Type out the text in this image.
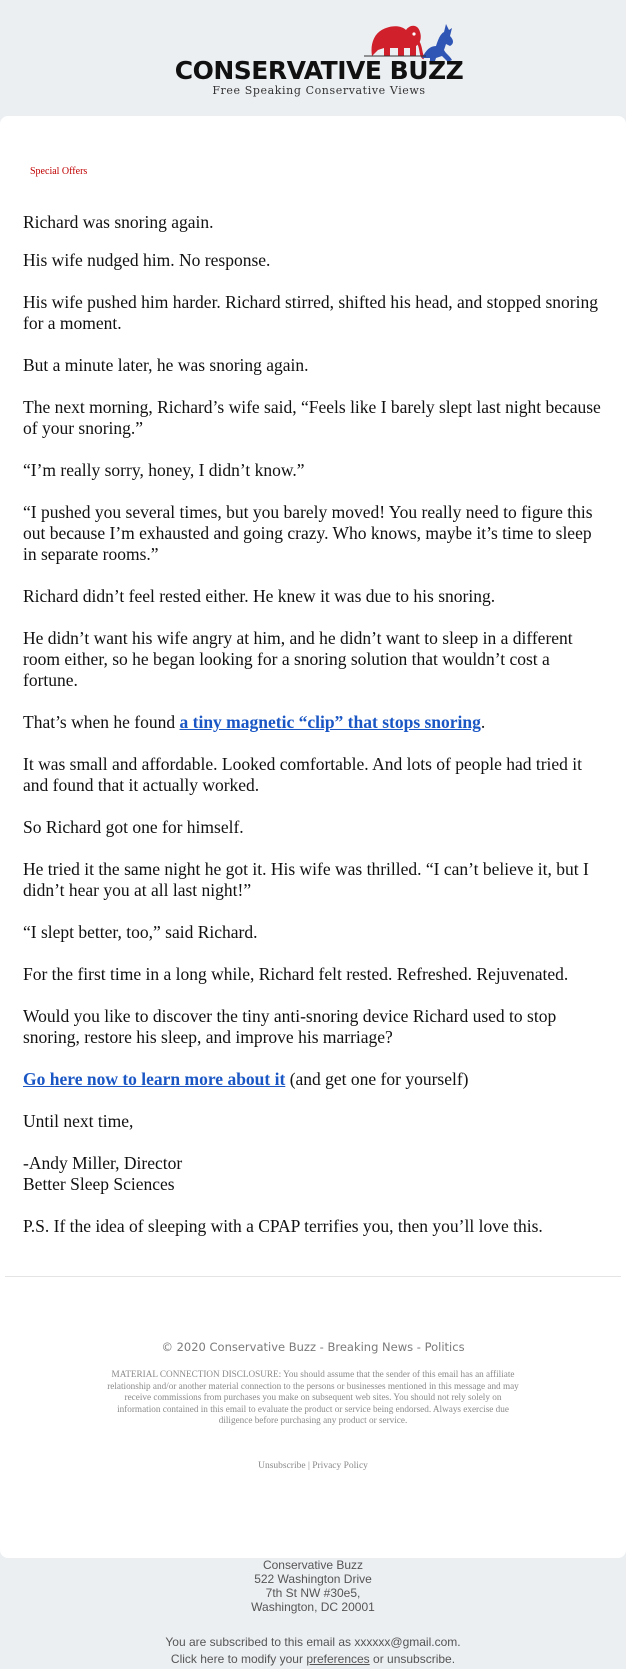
CONSERVATIVE BUZZ
Free Speaking Conservative Views
Special Offers

Richard was snoring again.

His wife nudged him. No response.

His wife pushed him harder. Richard stirred, shifted his head, and stopped snoring for a moment.

But a minute later, he was snoring again.

The next morning, Richard’s wife said, “Feels like I barely slept last night because of your snoring.”

“I’m really sorry, honey, I didn’t know.”

“I pushed you several times, but you barely moved! You really need to figure this out because I’m exhausted and going crazy. Who knows, maybe it’s time to sleep in separate rooms.”

Richard didn’t feel rested either. He knew it was due to his snoring.

He didn’t want his wife angry at him, and he didn’t want to sleep in a different room either, so he began looking for a snoring solution that wouldn’t cost a fortune.

That’s when he found a tiny magnetic “clip” that stops snoring.

It was small and affordable. Looked comfortable. And lots of people had tried it and found that it actually worked.

So Richard got one for himself.

He tried it the same night he got it. His wife was thrilled. “I can’t believe it, but I didn’t hear you at all last night!”

“I slept better, too,” said Richard.

For the first time in a long while, Richard felt rested. Refreshed. Rejuvenated.

Would you like to discover the tiny anti-snoring device Richard used to stop snoring, restore his sleep, and improve his marriage?

Go here now to learn more about it (and get one for yourself)

Until next time,

-Andy Miller, Director

Better Sleep Sciences

P.S. If the idea of sleeping with a CPAP terrifies you, then you’ll love this.

© 2020 Conservative Buzz - Breaking News - Politics
MATERIAL CONNECTION DISCLOSURE: You should assume that the sender of this email has an affiliate relationship and/or another material connection to the persons or businesses mentioned in this message and may receive commissions from purchases you make on subsequent web sites. You should not rely solely on information contained in this email to evaluate the product or service being endorsed. Always exercise due diligence before purchasing any product or service.
Unsubscribe | Privacy Policy
Conservative Buzz
522 Washington Drive
7th St NW #30e5,
Washington, DC 20001
You are subscribed to this email as xxxxxx@gmail.com.
Click here to modify your preferences or unsubscribe.
